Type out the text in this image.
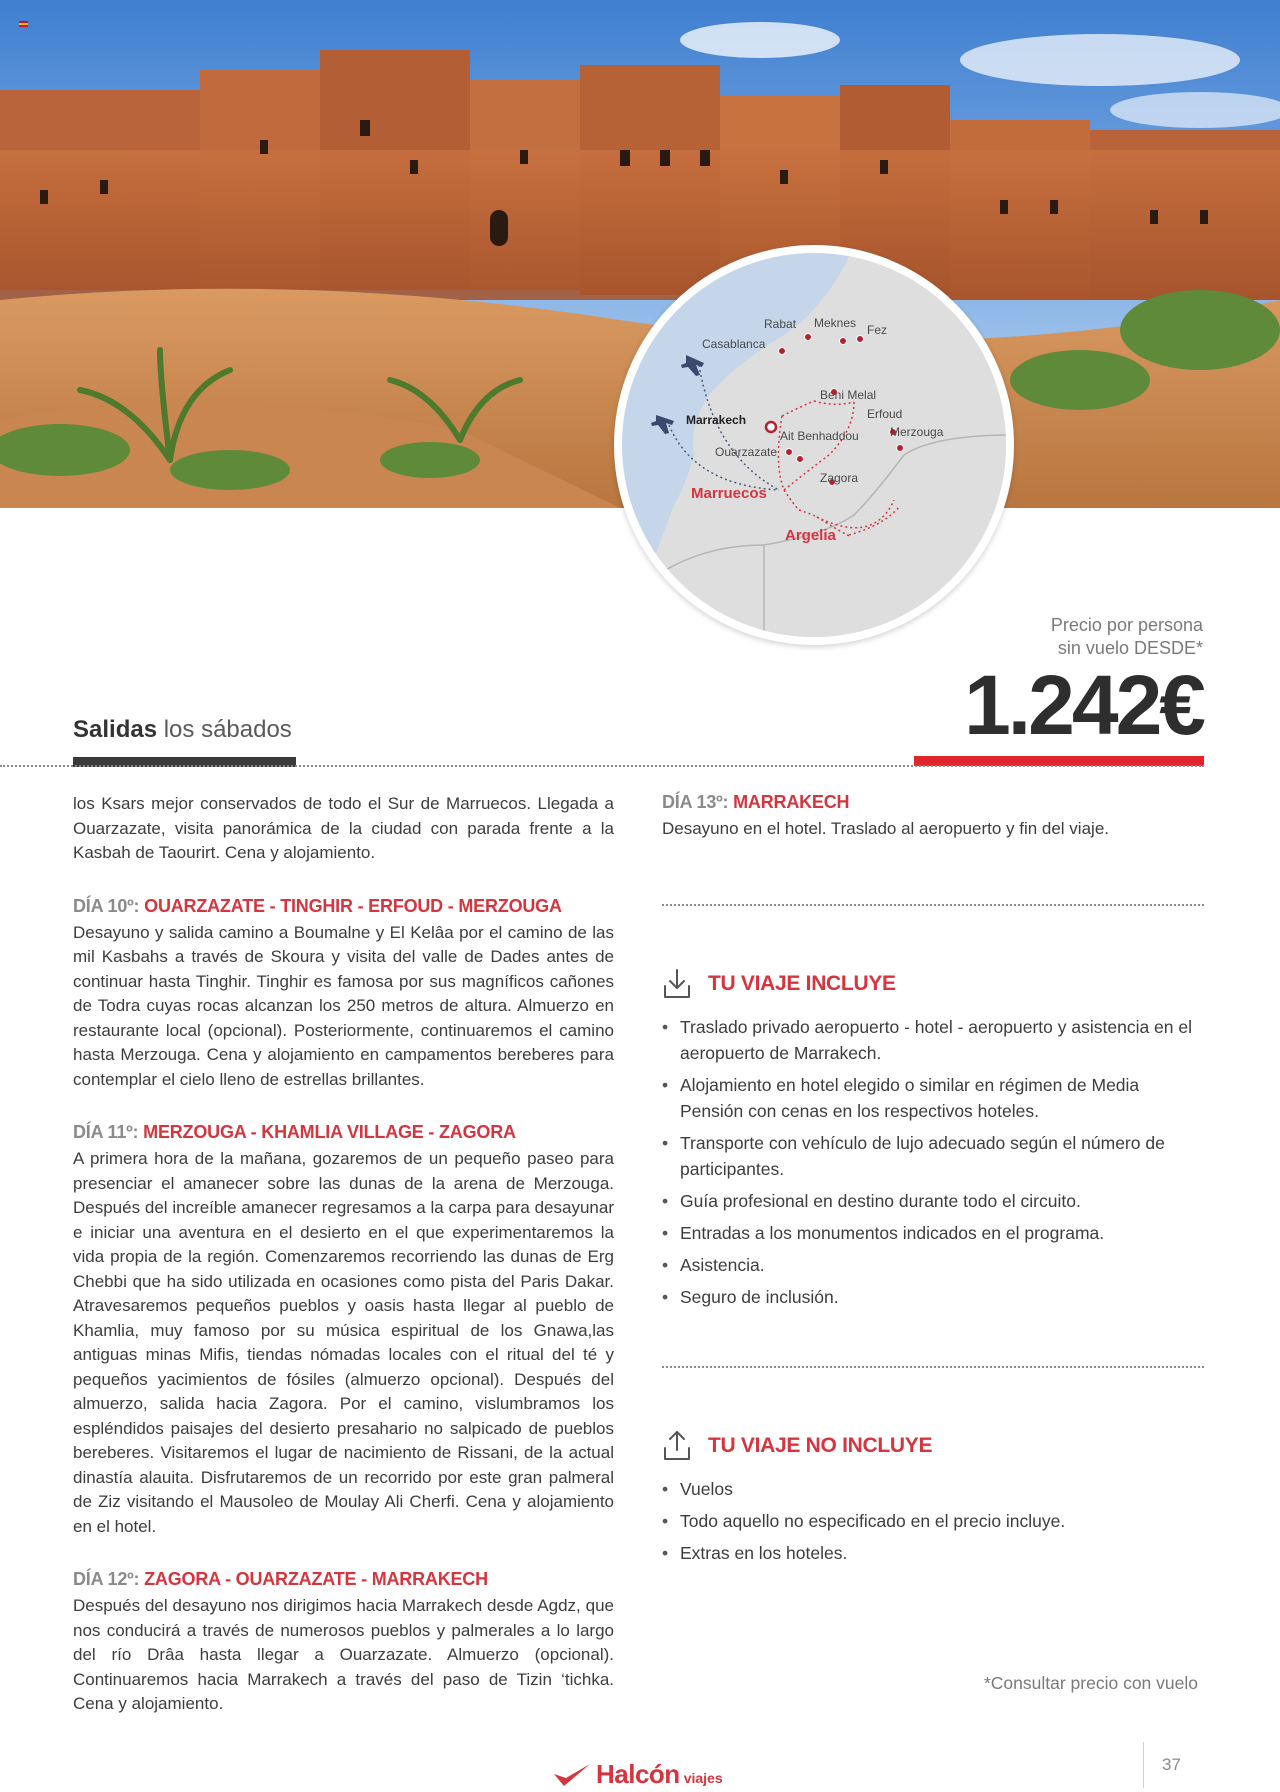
Rabat Meknes Fez
Casablanca
Beni Melal
Erfoud
Marrakech
Merzouga
Ait Benhaddou
Ouarzazate
Zagora
Marruecos
Argelia
Precio por persona
sin vuelo DESDE*
1.242€
Salidas los sábados

los Ksars mejor conservados de todo el Sur de Marruecos. Llegada a Ouarzazate, visita panorámica de la ciudad con parada frente a la Kasbah de Taourirt. Cena y alojamiento.

DÍA 10º: OUARZAZATE - TINGHIR - ERFOUD - MERZOUGA

Desayuno y salida camino a Boumalne y El Kelâa por el camino de las mil Kasbahs a través de Skoura y visita del valle de Dades antes de continuar hasta Tinghir. Tinghir es famosa por sus magníficos cañones de Todra cuyas rocas alcanzan los 250 metros de altura. Almuerzo en restaurante local (opcional). Posteriormente, continuaremos el camino hasta Merzouga. Cena y alojamiento en campamentos bereberes para contemplar el cielo lleno de estrellas brillantes.

DÍA 11º: MERZOUGA - KHAMLIA VILLAGE - ZAGORA

A primera hora de la mañana, gozaremos de un pequeño paseo para presenciar el amanecer sobre las dunas de la arena de Merzouga. Después del increíble amanecer regresamos a la carpa para desayunar e iniciar una aventura en el desierto en el que experimentaremos la vida propia de la región. Comenzaremos recorriendo las dunas de Erg Chebbi que ha sido utilizada en ocasiones como pista del Paris Dakar. Atravesaremos pequeños pueblos y oasis hasta llegar al pueblo de Khamlia, muy famoso por su música espiritual de los Gnawa,las antiguas minas Mifis, tiendas nómadas locales con el ritual del té y pequeños yacimientos de fósiles (almuerzo opcional). Después del almuerzo, salida hacia Zagora. Por el camino, vislumbramos los espléndidos paisajes del desierto presahario no salpicado de pueblos bereberes. Visitaremos el lugar de nacimiento de Rissani, de la actual dinastía alauita. Disfrutaremos de un recorrido por este gran palmeral de Ziz visitando el Mausoleo de Moulay Ali Cherfi. Cena y alojamiento en el hotel.

DÍA 12º: ZAGORA - OUARZAZATE - MARRAKECH

Después del desayuno nos dirigimos hacia Marrakech desde Agdz, que nos conducirá a través de numerosos pueblos y palmerales a lo largo del río Drâa hasta llegar a Ouarzazate. Almuerzo (opcional). Continuaremos hacia Marrakech a través del paso de Tizin ‘tichka. Cena y alojamiento.

DÍA 13º: MARRAKECH

Desayuno en el hotel. Traslado al aeropuerto y fin del viaje.

TU VIAJE INCLUYE
• Traslado privado aeropuerto - hotel - aeropuerto y asistencia en el aeropuerto de Marrakech.
• Alojamiento en hotel elegido o similar en régimen de Media Pensión con cenas en los respectivos hoteles.
• Transporte con vehículo de lujo adecuado según el número de participantes.
• Guía profesional en destino durante todo el circuito.
• Entradas a los monumentos indicados en el programa.
• Asistencia.
• Seguro de inclusión.
TU VIAJE NO INCLUYE
• Vuelos
• Todo aquello no especificado en el precio incluye.
• Extras en los hoteles.
*Consultar precio con vuelo
Halcón viajes
37
